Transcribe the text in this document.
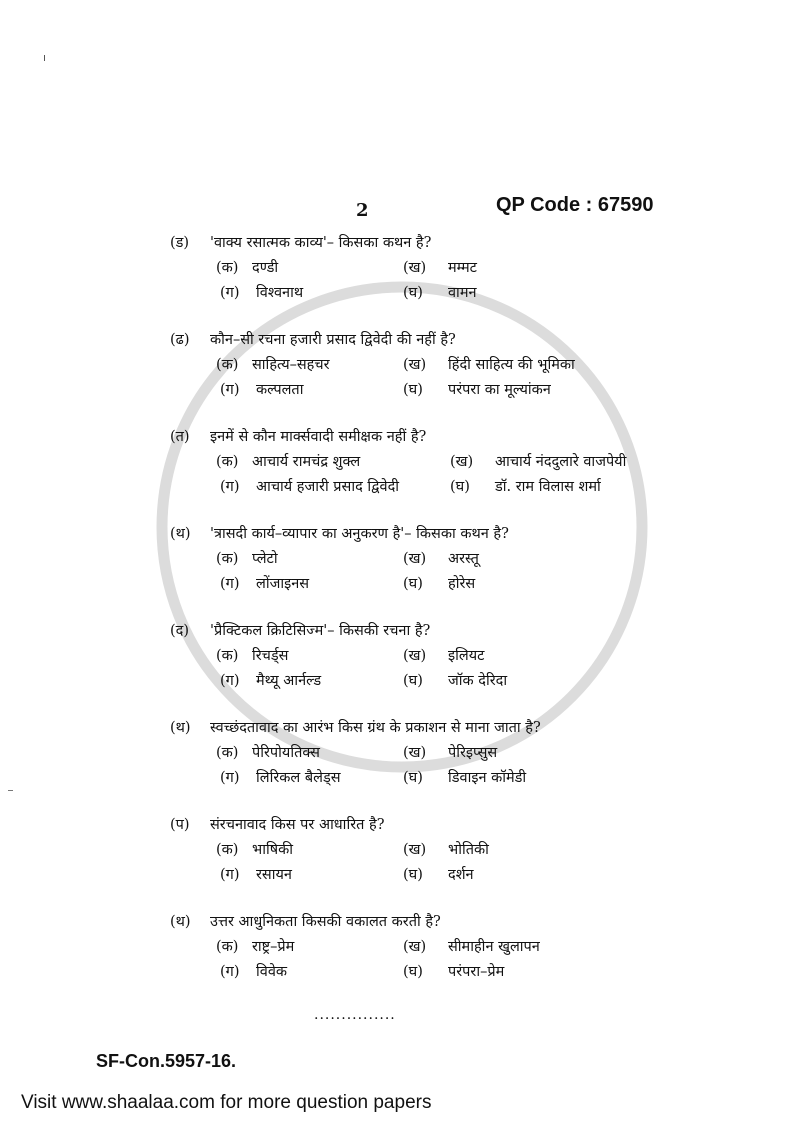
2	QP Code : 67590
(ड)	'वाक्य रसात्मक काव्य'– किसका कथन है?
(क) दण्डी	(ख)	मम्मट
(ग)	विश्वनाथ	(घ)	वामन
(ढ)	कौन–सी रचना हजारी प्रसाद द्विवेदी की नहीं है?
(क) साहित्य–सहचर	(ख)	हिंदी साहित्य की भूमिका
(ग)	कल्पलता	(घ)	परंपरा का मूल्यांकन
(त)	इनमें से कौन मार्क्सवादी समीक्षक नहीं है?
(क) आचार्य रामचंद्र शुक्ल	(ख)	आचार्य नंददुलारे वाजपेयी
(ग)	आचार्य हजारी प्रसाद द्विवेदी	(घ)	डॉ. राम विलास शर्मा
(थ)	'त्रासदी कार्य–व्यापार का अनुकरण है'– किसका कथन है?
(क) प्लेटो	(ख)	अरस्तू
(ग)	लोंजाइनस	(घ)	होरेस
(द)	'प्रैक्टिकल क्रिटिसिज्म'– किसकी रचना है?
(क) रिचर्ड्स	(ख)	इलियट
(ग)	मैथ्यू आर्नल्ड	(घ)	जॉक देरिदा
(थ)	स्वच्छंदतावाद का आरंभ किस ग्रंथ के प्रकाशन से माना जाता है?
(क) पेरिपोयतिक्स	(ख)	पेरिइप्सुस
(ग)	लिरिकल बैलेड्स	(घ)	डिवाइन कॉमेडी
(प)	संरचनावाद किस पर आधारित है?
(क) भाषिकी	(ख)	भोतिकी
(ग)	रसायन	(घ)	दर्शन
(थ)	उत्तर आधुनिकता किसकी वकालत करती है?
(क) राष्ट्र–प्रेम	(ख)	सीमाहीन खुलापन
(ग)	विवेक	(घ)	परंपरा–प्रेम
...............
SF-Con.5957-16.
Visit www.shaalaa.com for more question papers
